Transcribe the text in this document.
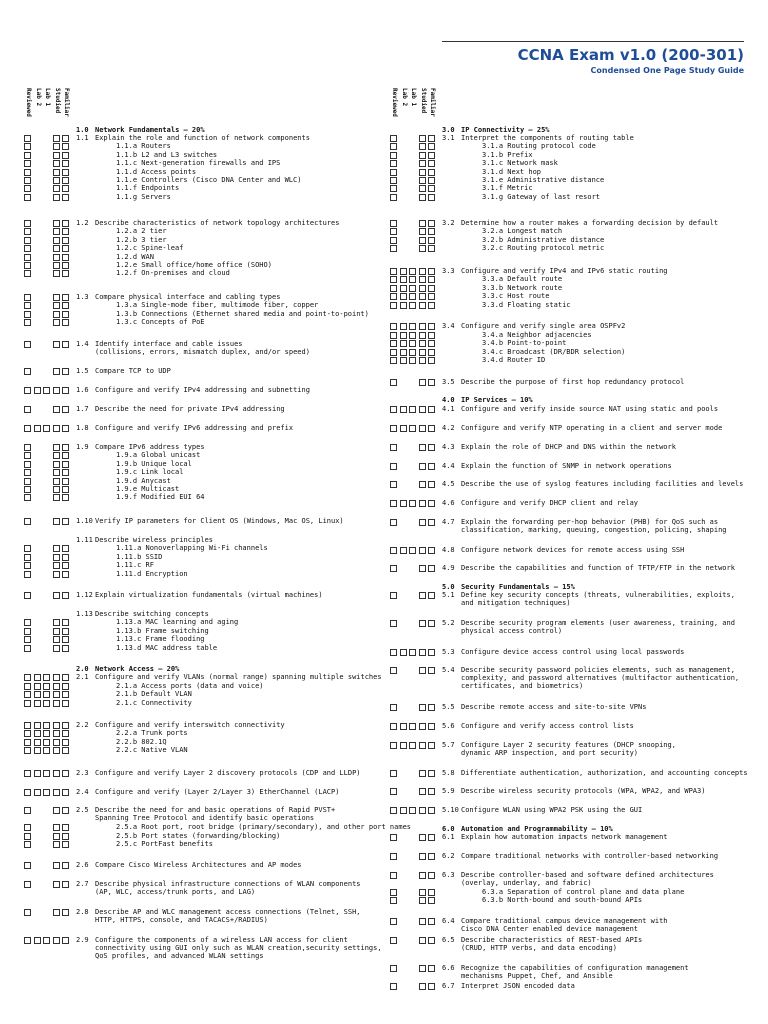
CCNA Exam v1.0 (200-301)
Condensed One Page Study Guide
Reviewed Lab 2 Lab 1 Studied Familiar	Reviewed Lab 2 Lab 1 Studied Familiar
1.0 Network Fundamentals – 20%
1.1 Explain the role and function of network components
1.1.a Routers
1.1.b L2 and L3 switches
1.1.c Next-generation firewalls and IPS
1.1.d Access points
1.1.e Controllers (Cisco DNA Center and WLC)
1.1.f Endpoints
1.1.g Servers
1.2 Describe characteristics of network topology architectures
1.2.a 2 tier
1.2.b 3 tier
1.2.c Spine-leaf
1.2.d WAN
1.2.e Small office/home office (SOHO)
1.2.f On-premises and cloud
1.3 Compare physical interface and cabling types
1.3.a Single-mode fiber, multimode fiber, copper
1.3.b Connections (Ethernet shared media and point-to-point)
1.3.c Concepts of PoE
1.4 Identify interface and cable issues
(collisions, errors, mismatch duplex, and/or speed)
1.5 Compare TCP to UDP
1.6 Configure and verify IPv4 addressing and subnetting
1.7 Describe the need for private IPv4 addressing
1.8 Configure and verify IPv6 addressing and prefix
1.9 Compare IPv6 address types
1.9.a Global unicast
1.9.b Unique local
1.9.c Link local
1.9.d Anycast
1.9.e Multicast
1.9.f Modified EUI 64
1.10 Verify IP parameters for Client OS (Windows, Mac OS, Linux)
1.11 Describe wireless principles
1.11.a Nonoverlapping Wi-Fi channels
1.11.b SSID
1.11.c RF
1.11.d Encryption
1.12 Explain virtualization fundamentals (virtual machines)
1.13 Describe switching concepts
1.13.a MAC learning and aging
1.13.b Frame switching
1.13.c Frame flooding
1.13.d MAC address table
2.0 Network Access – 20%
2.1 Configure and verify VLANs (normal range) spanning multiple switches
2.1.a Access ports (data and voice)
2.1.b Default VLAN
2.1.c Connectivity
2.2 Configure and verify interswitch connectivity
2.2.a Trunk ports
2.2.b 802.1Q
2.2.c Native VLAN
2.3 Configure and verify Layer 2 discovery protocols (CDP and LLDP)
2.4 Configure and verify (Layer 2/Layer 3) EtherChannel (LACP)
2.5 Describe the need for and basic operations of Rapid PVST+
Spanning Tree Protocol and identify basic operations
2.5.a Root port, root bridge (primary/secondary), and other port names
2.5.b Port states (forwarding/blocking)
2.5.c PortFast benefits
2.6 Compare Cisco Wireless Architectures and AP modes
2.7 Describe physical infrastructure connections of WLAN components
(AP, WLC, access/trunk ports, and LAG)
2.8 Describe AP and WLC management access connections (Telnet, SSH,
HTTP, HTTPS, console, and TACACS+/RADIUS)
2.9 Configure the components of a wireless LAN access for client
connectivity using GUI only such as WLAN creation,security settings,
QoS profiles, and advanced WLAN settings
3.0 IP Connectivity – 25%
3.1 Interpret the components of routing table
3.1.a Routing protocol code
3.1.b Prefix
3.1.c Network mask
3.1.d Next hop
3.1.e Administrative distance
3.1.f Metric
3.1.g Gateway of last resort
3.2 Determine how a router makes a forwarding decision by default
3.2.a Longest match
3.2.b Administrative distance
3.2.c Routing protocol metric
3.3 Configure and verify IPv4 and IPv6 static routing
3.3.a Default route
3.3.b Network route
3.3.c Host route
3.3.d Floating static
3.4 Configure and verify single area OSPFv2
3.4.a Neighbor adjacencies
3.4.b Point-to-point
3.4.c Broadcast (DR/BDR selection)
3.4.d Router ID
3.5 Describe the purpose of first hop redundancy protocol
4.0 IP Services – 10%
4.1 Configure and verify inside source NAT using static and pools
4.2 Configure and verify NTP operating in a client and server mode
4.3 Explain the role of DHCP and DNS within the network
4.4 Explain the function of SNMP in network operations
4.5 Describe the use of syslog features including facilities and levels
4.6 Configure and verify DHCP client and relay
4.7 Explain the forwarding per-hop behavior (PHB) for QoS such as
classification, marking, queuing, congestion, policing, shaping
4.8 Configure network devices for remote access using SSH
4.9 Describe the capabilities and function of TFTP/FTP in the network
5.0 Security Fundamentals – 15%
5.1 Define key security concepts (threats, vulnerabilities, exploits,
and mitigation techniques)
5.2 Describe security program elements (user awareness, training, and
physical access control)
5.3 Configure device access control using local passwords
5.4 Describe security password policies elements, such as management,
complexity, and password alternatives (multifactor authentication,
certificates, and biometrics)
5.5 Describe remote access and site-to-site VPNs
5.6 Configure and verify access control lists
5.7 Configure Layer 2 security features (DHCP snooping,
dynamic ARP inspection, and port security)
5.8 Differentiate authentication, authorization, and accounting concepts
5.9 Describe wireless security protocols (WPA, WPA2, and WPA3)
5.10 Configure WLAN using WPA2 PSK using the GUI
6.0 Automation and Programmability – 10%
6.1 Explain how automation impacts network management
6.2 Compare traditional networks with controller-based networking
6.3 Describe controller-based and software defined architectures
(overlay, underlay, and fabric)
6.3.a Separation of control plane and data plane
6.3.b North-bound and south-bound APIs
6.4 Compare traditional campus device management with
Cisco DNA Center enabled device management
6.5 Describe characteristics of REST-based APIs
(CRUD, HTTP verbs, and data encoding)
6.6 Recognize the capabilities of configuration management
mechanisms Puppet, Chef, and Ansible
6.7 Interpret JSON encoded data
